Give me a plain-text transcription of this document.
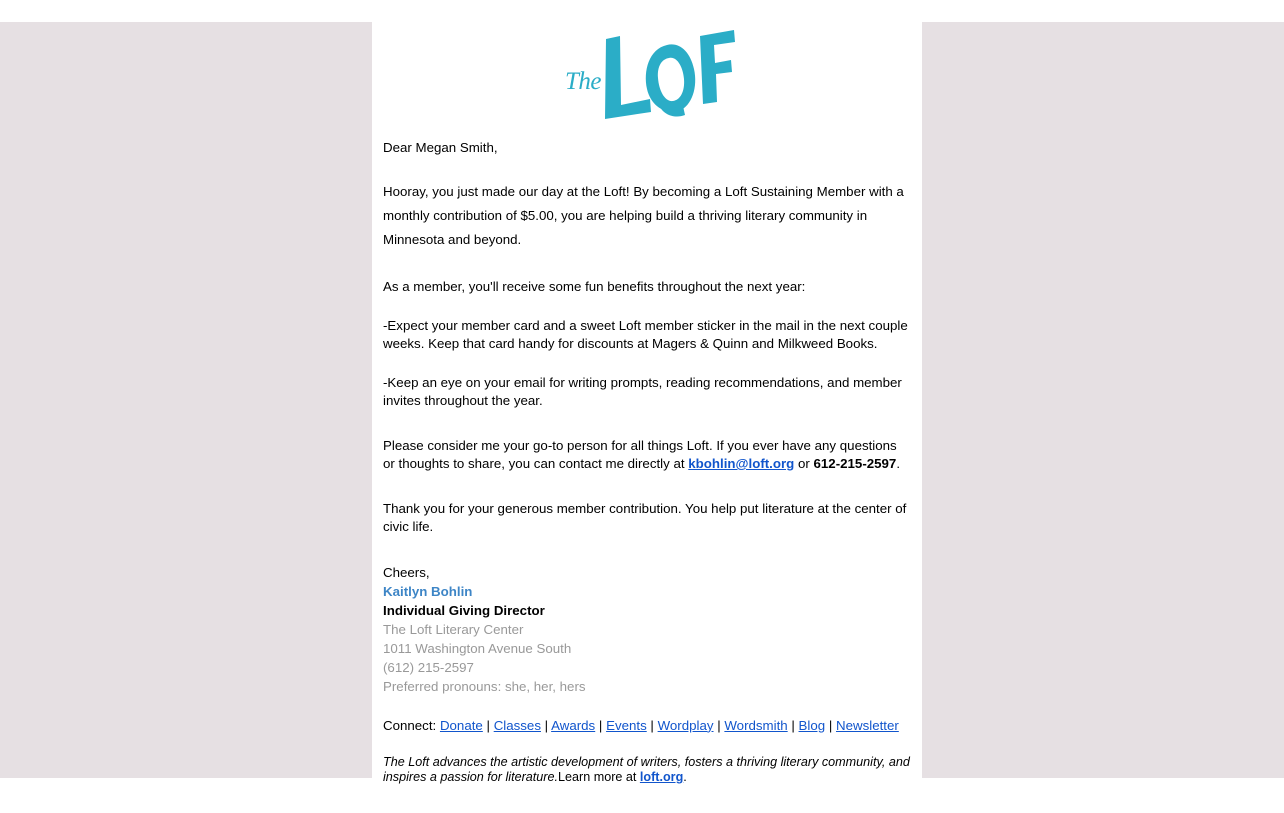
The

Dear Megan Smith,

Hooray, you just made our day at the Loft! By becoming a Loft Sustaining Member with a monthly contribution of $5.00, you are helping build a thriving literary community in Minnesota and beyond.

As a member, you'll receive some fun benefits throughout the next year:

-Expect your member card and a sweet Loft member sticker in the mail in the next couple weeks. Keep that card handy for discounts at Magers & Quinn and Milkweed Books.

-Keep an eye on your email for writing prompts, reading recommendations, and member invites throughout the year.

Please consider me your go-to person for all things Loft. If you ever have any questions or thoughts to share, you can contact me directly at kbohlin@loft.org or 612-215-2597.

Thank you for your generous member contribution. You help put literature at the center of civic life.

Cheers,
Kaitlyn Bohlin
Individual Giving Director
The Loft Literary Center
1011 Washington Avenue South
(612) 215-2597
Preferred pronouns: she, her, hers
Connect: Donate | Classes | Awards | Events | Wordplay | Wordsmith | Blog | Newsletter
The Loft advances the artistic development of writers, fosters a thriving literary community, and inspires a passion for literature.Learn more at loft.org.
